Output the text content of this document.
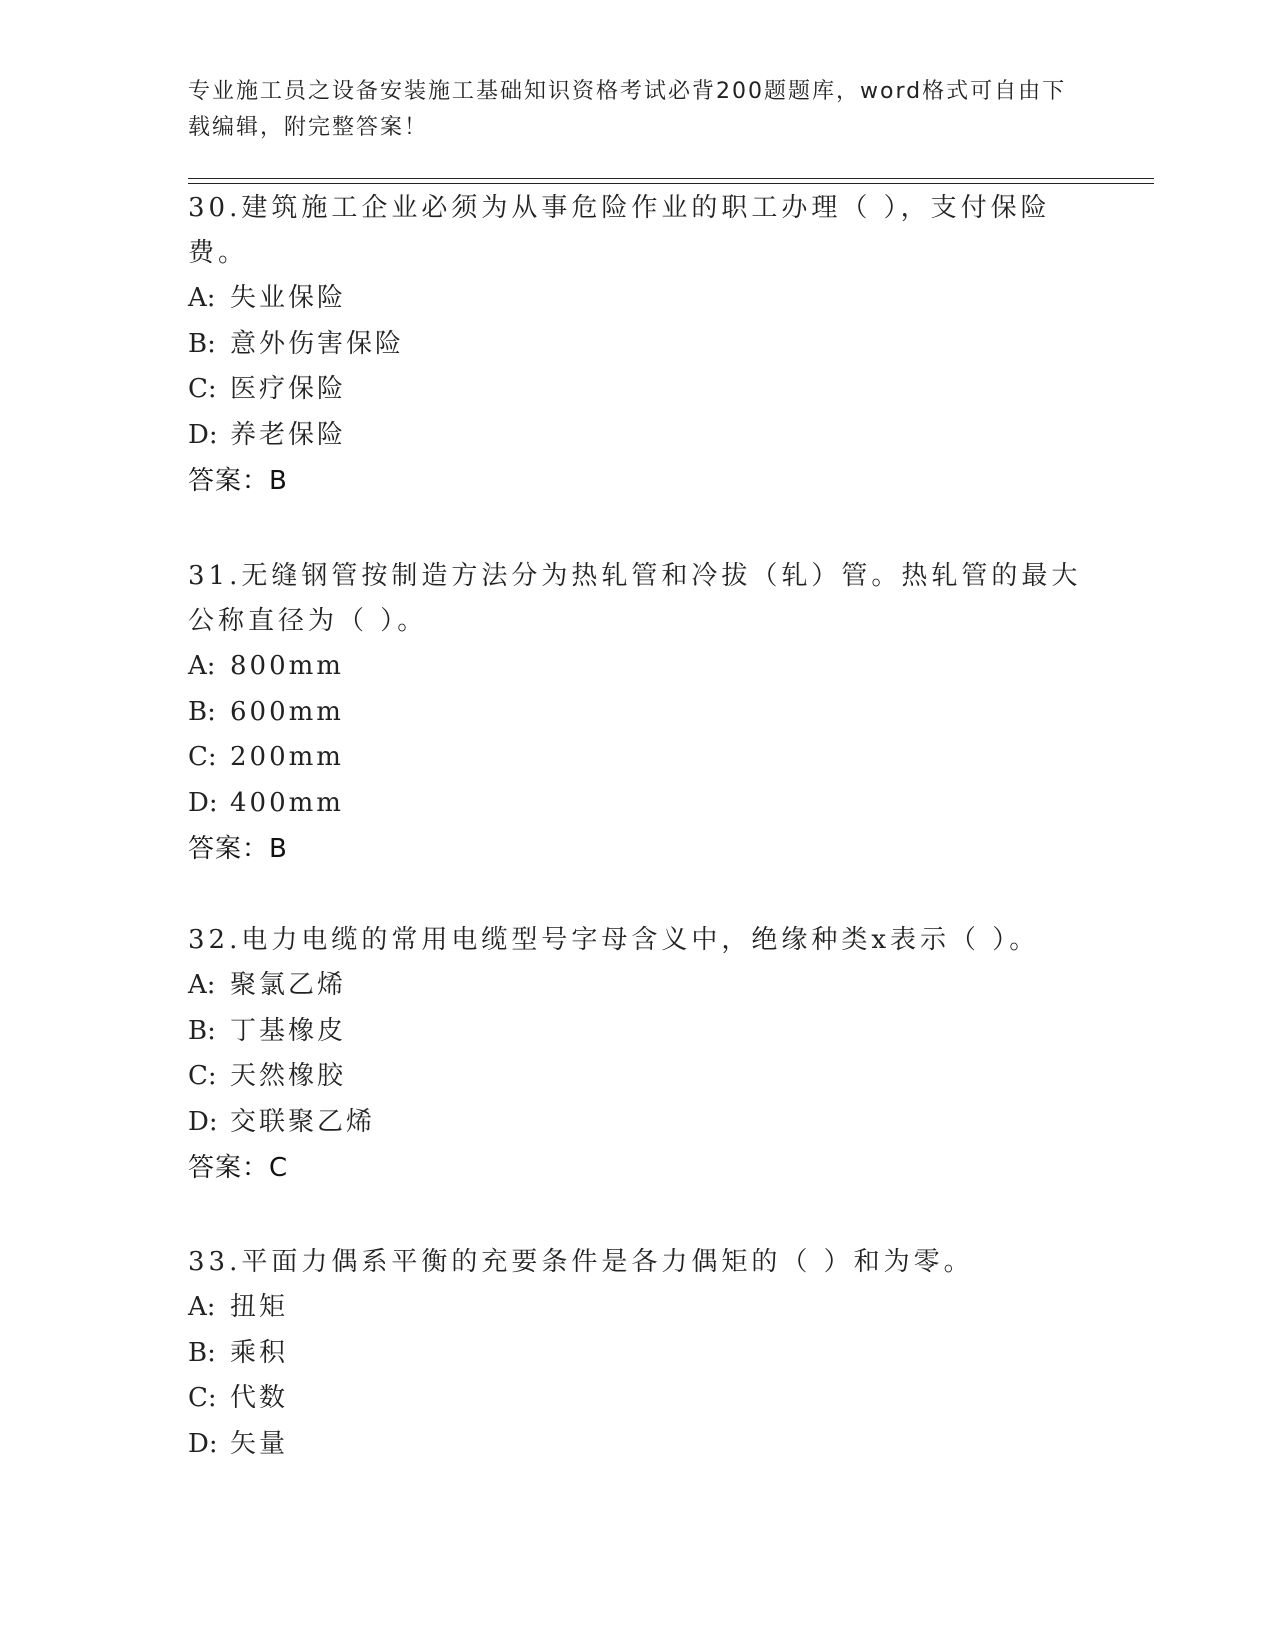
专业施工员之设备安装施工基础知识资格考试必背200题题库，word格式可自由下载编辑，附完整答案！

30.建筑施工企业必须为从事危险作业的职工办理（ ），支付保险费。

A: 失业保险

B: 意外伤害保险

C: 医疗保险

D: 养老保险

答案：B

31.无缝钢管按制造方法分为热轧管和冷拔（轧）管。热轧管的最大公称直径为（ ）。

A: 800mm

B: 600mm

C: 200mm

D: 400mm

答案：B

32.电力电缆的常用电缆型号字母含义中，绝缘种类x表示（ ）。

A: 聚氯乙烯

B: 丁基橡皮

C: 天然橡胶

D: 交联聚乙烯

答案：C

33.平面力偶系平衡的充要条件是各力偶矩的（ ）和为零。

A: 扭矩

B: 乘积

C: 代数

D: 矢量
